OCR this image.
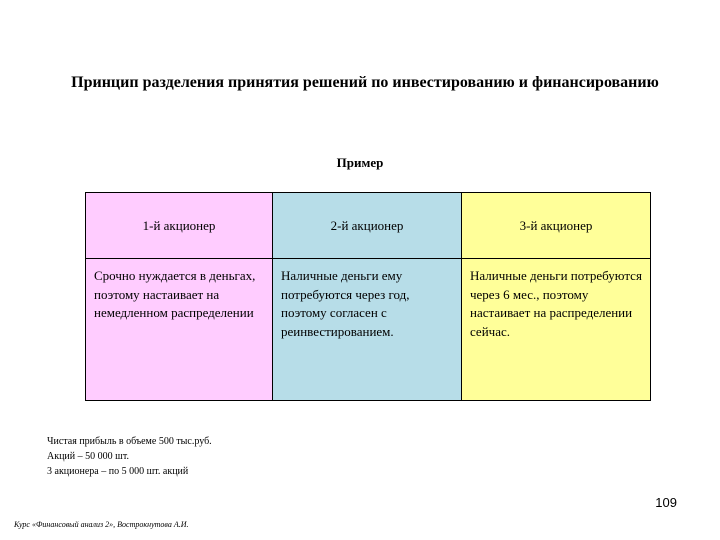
Принцип разделения принятия решений по инвестированию и финансированию
Пример
1-й акционер	2-й акционер	3-й акционер
Срочно нуждается в деньгах, поэтому настаивает на немедленном распределении
Наличные деньги ему потребуются через год, поэтому согласен с реинвестированием.
Наличные деньги потребуются через 6 мес., поэтому настаивает на распределении сейчас.
Чистая прибыль в объеме 500 тыс.руб.
Акций – 50 000 шт.
3 акционера – по 5 000 шт. акций
109
Курс «Финансовый анализ 2», Вострокнутова А.И.
